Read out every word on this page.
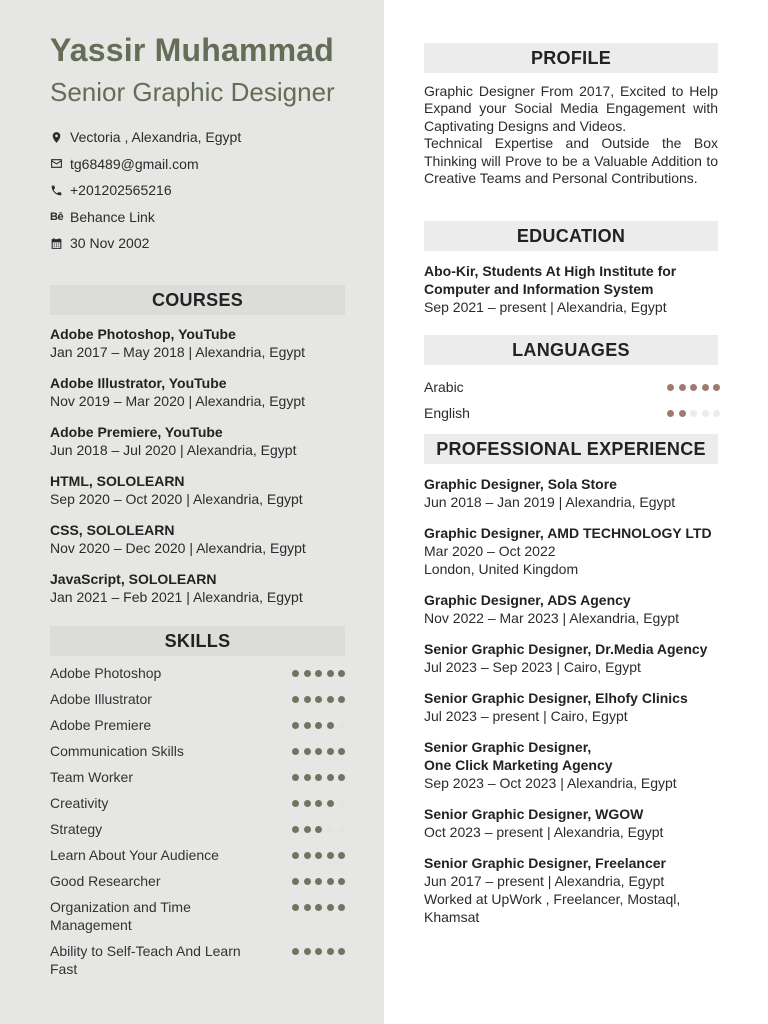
Yassir Muhammad
Senior Graphic Designer
Vectoria , Alexandria, Egypt
tg68489@gmail.com
+201202565216
Bē Behance Link
30 Nov 2002
COURSES
Adobe Photoshop, YouTube
Jan 2017 – May 2018 | Alexandria, Egypt
Adobe Illustrator, YouTube
Nov 2019 – Mar 2020 | Alexandria, Egypt
Adobe Premiere, YouTube
Jun 2018 – Jul 2020 | Alexandria, Egypt
HTML, SOLOLEARN
Sep 2020 – Oct 2020 | Alexandria, Egypt
CSS, SOLOLEARN
Nov 2020 – Dec 2020 | Alexandria, Egypt
JavaScript, SOLOLEARN
Jan 2021 – Feb 2021 | Alexandria, Egypt
SKILLS
Adobe Photoshop
Adobe Illustrator
Adobe Premiere
Communication Skills
Team Worker
Creativity
Strategy
Learn About Your Audience
Good Researcher
Organization and Time Management
Ability to Self-Teach And Learn Fast
PROFILE
Graphic Designer From 2017, Excited to Help Expand your Social Media Engagement with Captivating Designs and Videos.
Technical Expertise and Outside the Box Thinking will Prove to be a Valuable Addition to Creative Teams and Personal Contributions.
EDUCATION
Abo-Kir, Students At High Institute for Computer and Information System
Sep 2021 – present | Alexandria, Egypt
LANGUAGES
Arabic
English
PROFESSIONAL EXPERIENCE
Graphic Designer, Sola Store
Jun 2018 – Jan 2019 | Alexandria, Egypt
Graphic Designer, AMD TECHNOLOGY LTD
Mar 2020 – Oct 2022
London, United Kingdom
Graphic Designer, ADS Agency
Nov 2022 – Mar 2023 | Alexandria, Egypt
Senior Graphic Designer, Dr.Media Agency
Jul 2023 – Sep 2023 | Cairo, Egypt
Senior Graphic Designer, Elhofy Clinics
Jul 2023 – present | Cairo, Egypt
Senior Graphic Designer,
One Click Marketing Agency
Sep 2023 – Oct 2023 | Alexandria, Egypt
Senior Graphic Designer, WGOW
Oct 2023 – present | Alexandria, Egypt
Senior Graphic Designer, Freelancer
Jun 2017 – present | Alexandria, Egypt
Worked at UpWork , Freelancer, Mostaql, Khamsat
